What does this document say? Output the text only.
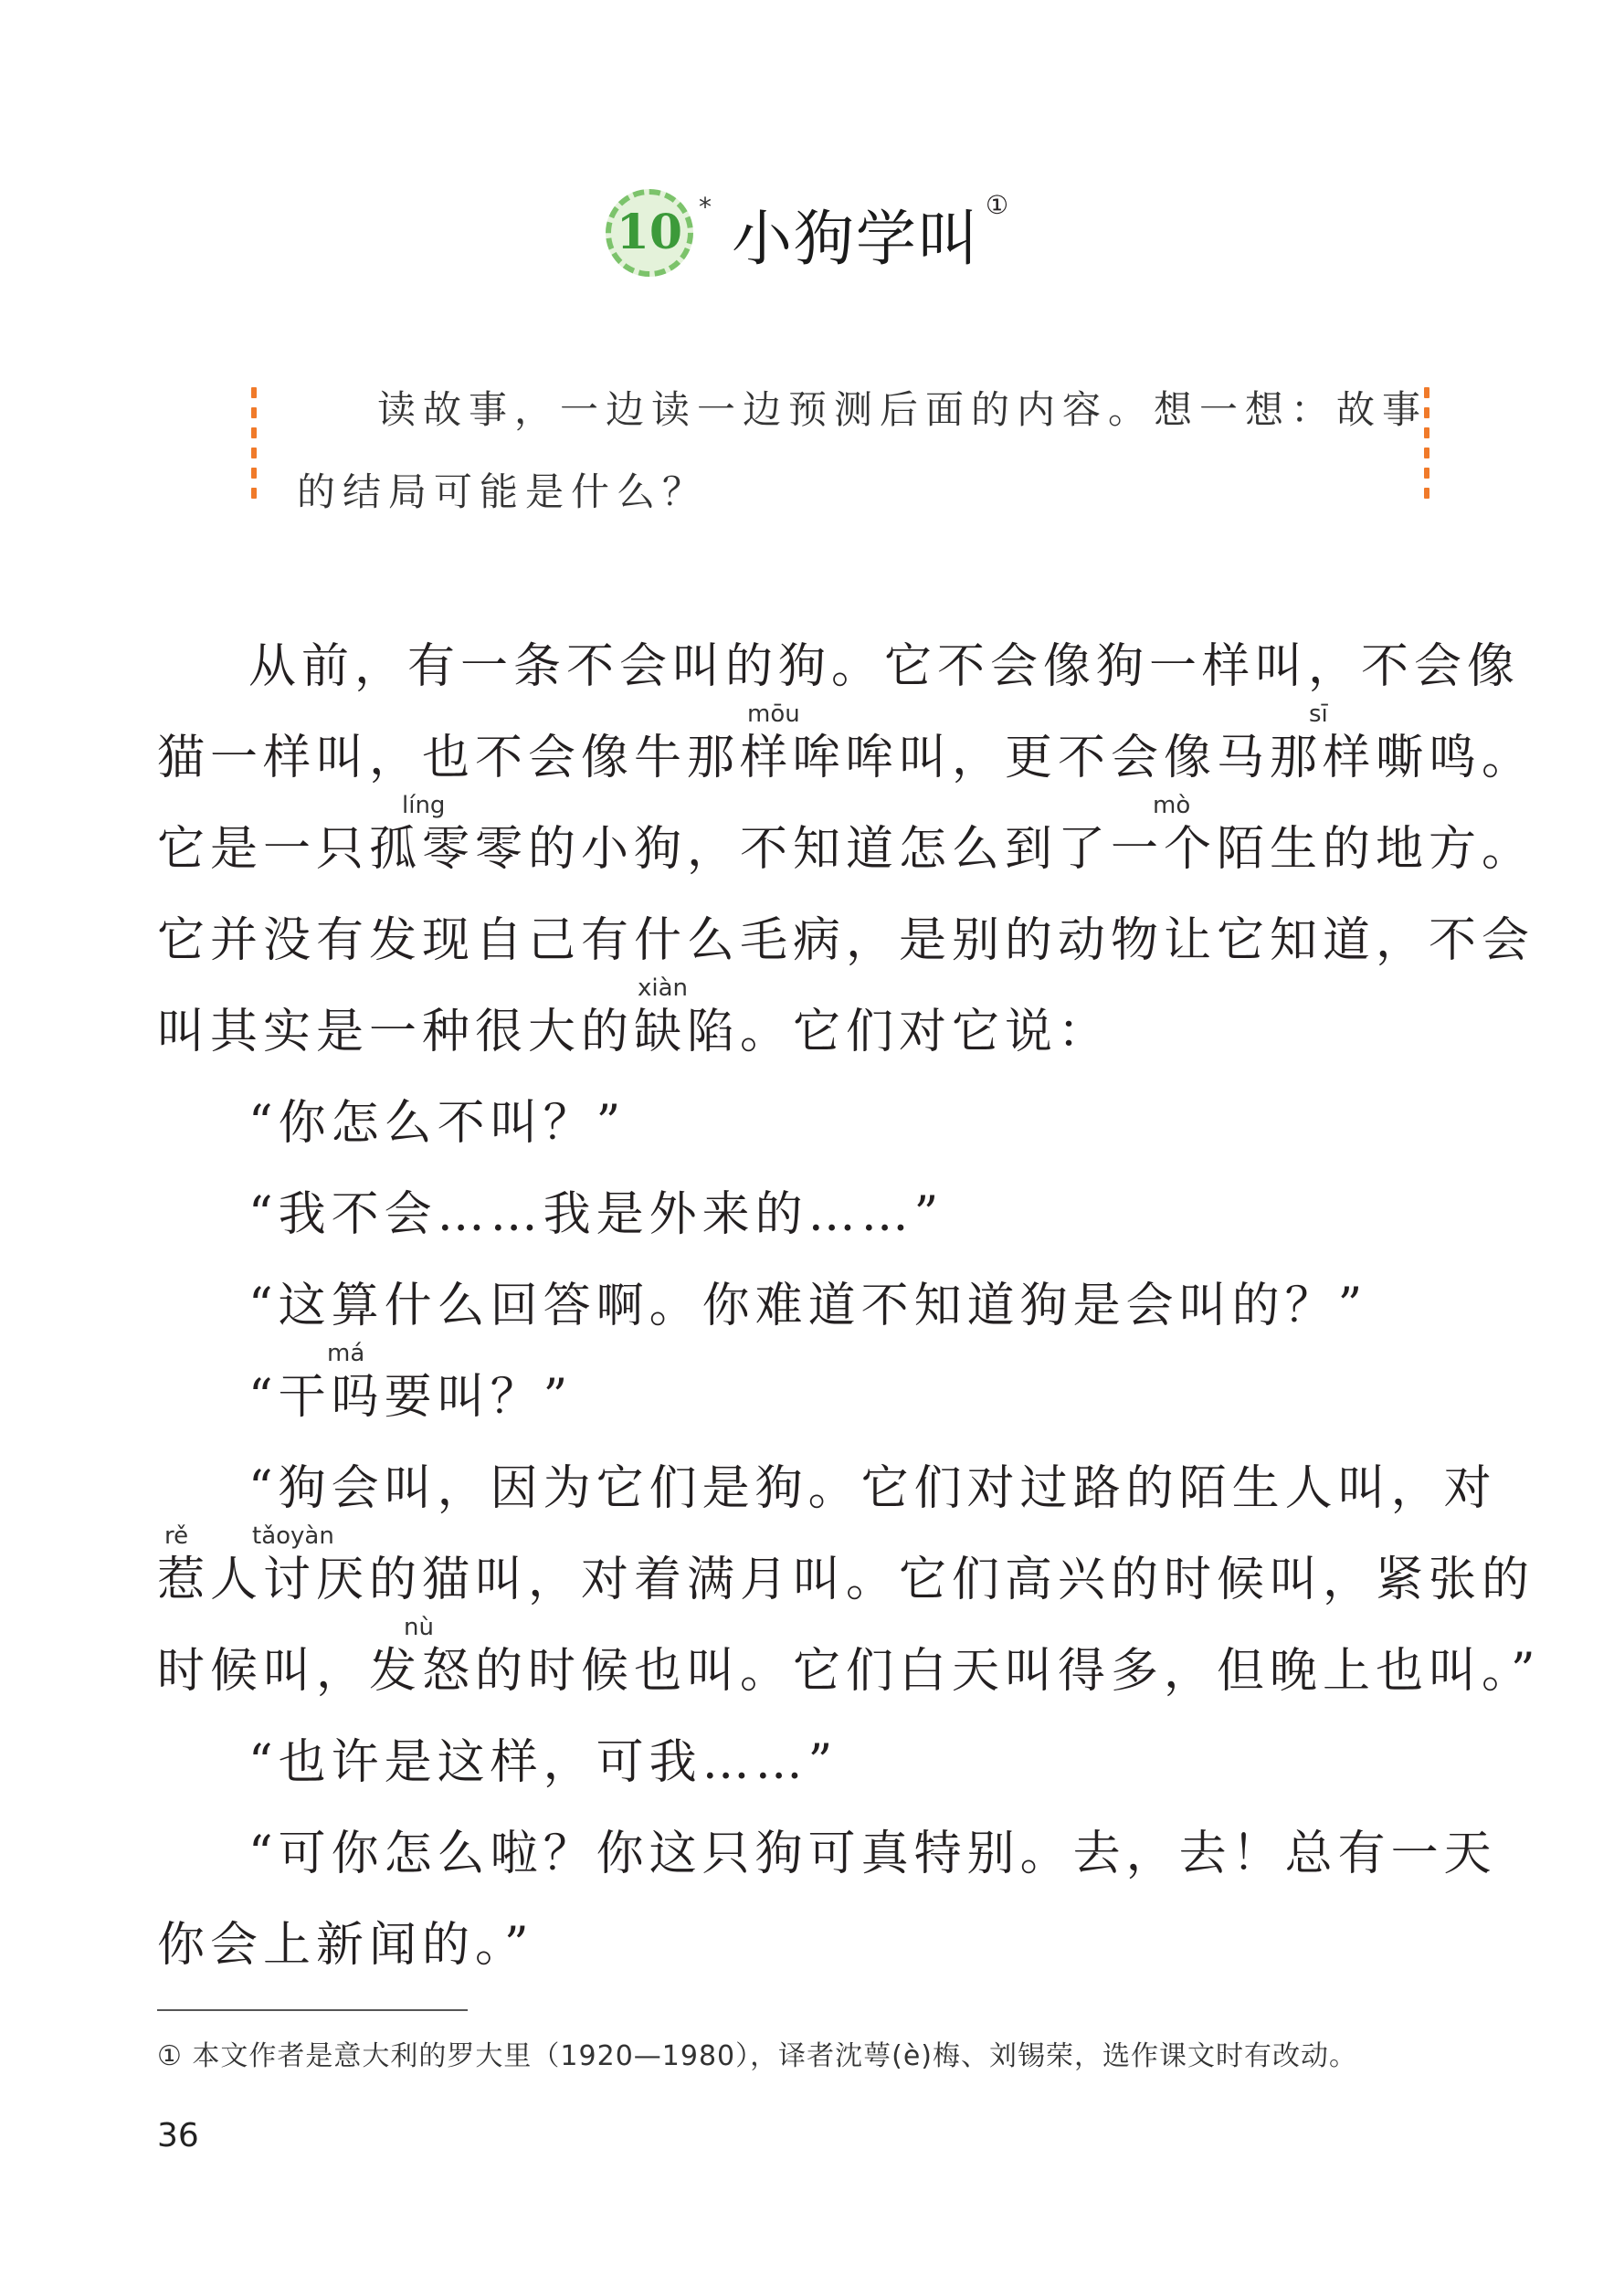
10 * 小狗学叫 ①
读故事，一边读一边预测后面的内容。想一想：故事
的结局可能是什么？
从前，有一条不会叫的狗。它不会像狗一样叫，不会像
mōu	sī
猫一样叫，也不会像牛那样哞哞叫，更不会像马那样嘶鸣。
líng	mò
它是一只孤零零的小狗，不知道怎么到了一个陌生的地方。
它并没有发现自己有什么毛病，是别的动物让它知道，不会
xiàn
叫其实是一种很大的缺陷。它们对它说：
“你怎么不叫？”
“我不会……我是外来的……”
“这算什么回答啊。你难道不知道狗是会叫的？”
má
“干吗要叫？”
“狗会叫，因为它们是狗。它们对过路的陌生人叫，对
rě	tǎoyàn
惹人讨厌的猫叫，对着满月叫。它们高兴的时候叫，紧张的
nù
时候叫，发怒的时候也叫。它们白天叫得多，但晚上也叫。”
“也许是这样，可我……”
“可你怎么啦？你这只狗可真特别。去，去！总有一天
你会上新闻的。”
① 本文作者是意大利的罗大里（1920—1980），译者沈萼(è)梅、刘锡荣，选作课文时有改动。
36
